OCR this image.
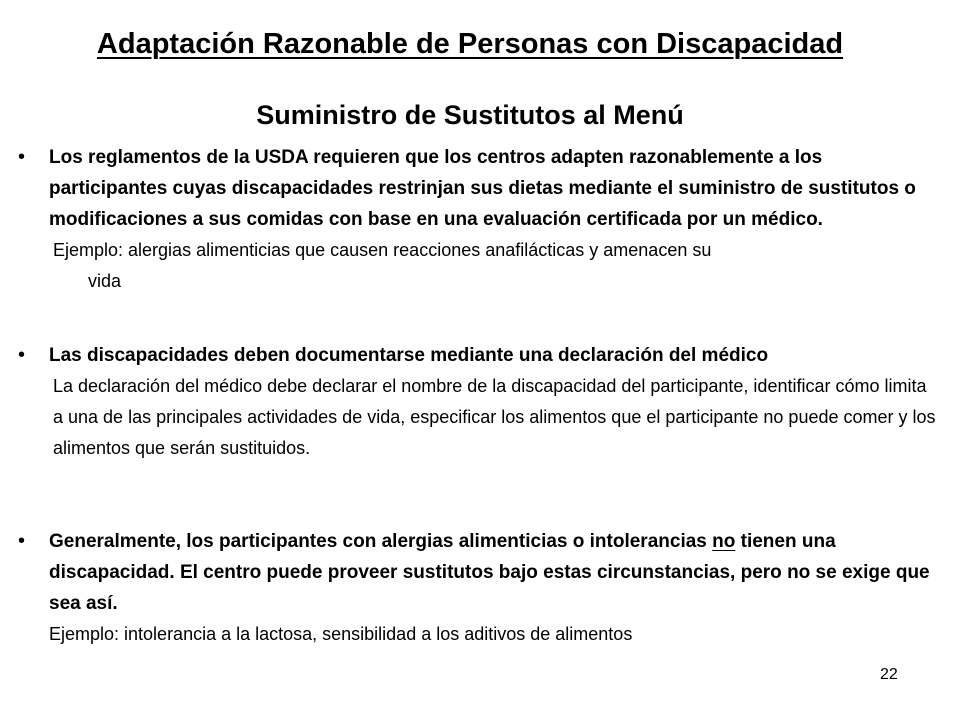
Adaptación Razonable de Personas con Discapacidad
Suministro de Sustitutos al Menú
•	Los reglamentos de la USDA requieren que los centros adapten razonablemente a los participantes cuyas discapacidades restrinjan sus dietas mediante el suministro de sustitutos o modificaciones a sus comidas con base en una evaluación certificada por un médico.

Ejemplo: alergias alimenticias que causen reacciones anafilácticas y amenacen su
vida

•	Las discapacidades deben documentarse mediante una declaración del médico

La declaración del médico debe declarar el nombre de la discapacidad del participante, identificar cómo limita a una de las principales actividades de vida, especificar los alimentos que el participante no puede comer y los alimentos que serán sustituidos.

•	Generalmente, los participantes con alergias alimenticias o intolerancias no tienen una discapacidad. El centro puede proveer sustitutos bajo estas circunstancias, pero no se exige que sea así.

Ejemplo: intolerancia a la lactosa, sensibilidad a los aditivos de alimentos

22
